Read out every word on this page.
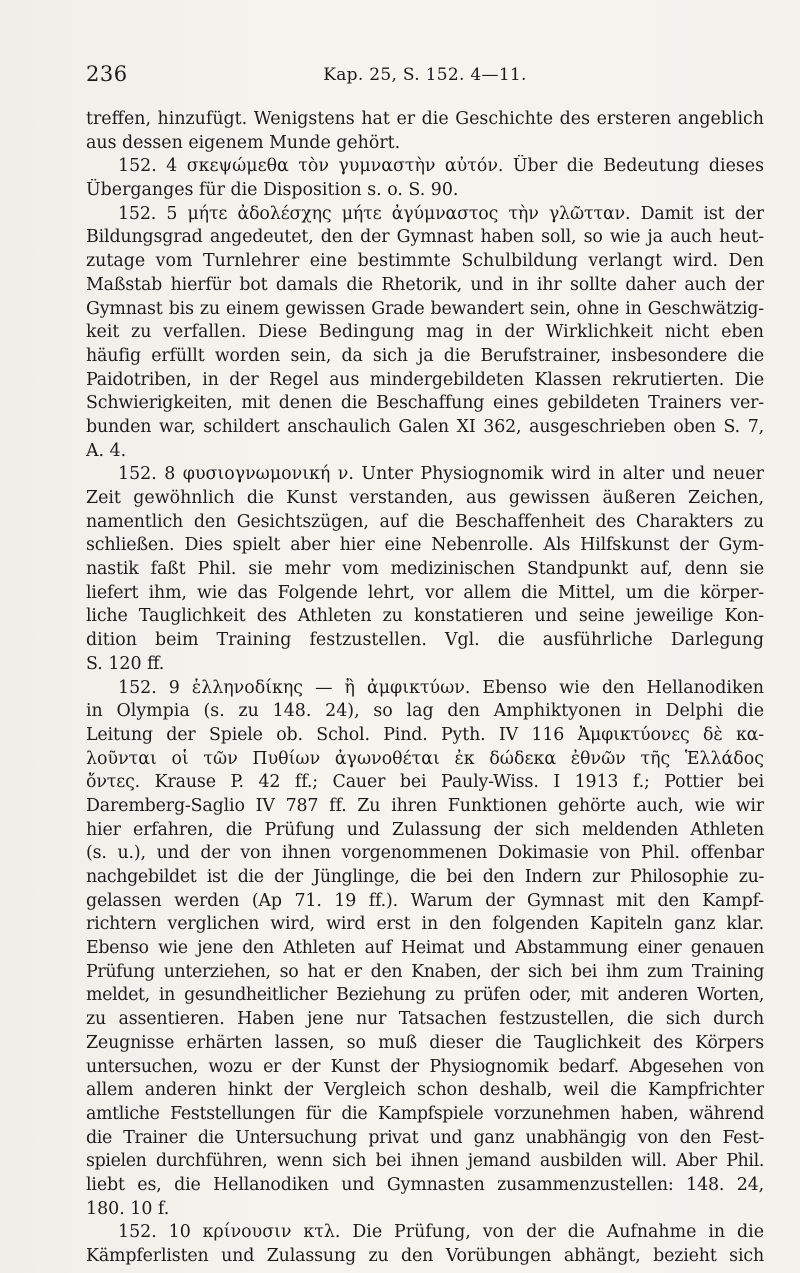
236	Kap. 25, S. 152. 4—11.
treffen, hinzufügt. Wenigstens hat er die Geschichte des ersteren angeblich
aus dessen eigenem Munde gehört.
152. 4 σκεψώμεθα τὸν γυμναστὴν αὐτόν. Über die Bedeutung dieses
Überganges für die Disposition s. o. S. 90.
152. 5 μήτε ἀδολέσχης μήτε ἀγύμναστος τὴν γλῶτταν. Damit ist der
Bildungsgrad angedeutet, den der Gymnast haben soll, so wie ja auch heut-
zutage vom Turnlehrer eine bestimmte Schulbildung verlangt wird. Den
Maßstab hierfür bot damals die Rhetorik, und in ihr sollte daher auch der
Gymnast bis zu einem gewissen Grade bewandert sein, ohne in Geschwätzig-
keit zu verfallen. Diese Bedingung mag in der Wirklichkeit nicht eben
häufig erfüllt worden sein, da sich ja die Berufstrainer, insbesondere die
Paidotriben, in der Regel aus mindergebildeten Klassen rekrutierten. Die
Schwierigkeiten, mit denen die Beschaffung eines gebildeten Trainers ver-
bunden war, schildert anschaulich Galen XI 362, ausgeschrieben oben S. 7,
A. 4.
152. 8 φυσιογνωμονική ν. Unter Physiognomik wird in alter und neuer
Zeit gewöhnlich die Kunst verstanden, aus gewissen äußeren Zeichen,
namentlich den Gesichtszügen, auf die Beschaffenheit des Charakters zu
schließen. Dies spielt aber hier eine Nebenrolle. Als Hilfskunst der Gym-
nastik faßt Phil. sie mehr vom medizinischen Standpunkt auf, denn sie
liefert ihm, wie das Folgende lehrt, vor allem die Mittel, um die körper-
liche Tauglichkeit des Athleten zu konstatieren und seine jeweilige Kon-
dition beim Training festzustellen. Vgl. die ausführliche Darlegung
S. 120 ff.
152. 9 ἑλληνοδίκης — ἢ ἀμφικτύων. Ebenso wie den Hellanodiken
in Olympia (s. zu 148. 24), so lag den Amphiktyonen in Delphi die
Leitung der Spiele ob. Schol. Pind. Pyth. IV 116 Ἀμφικτύονες δὲ κα-
λοῦνται οἱ τῶν Πυθίων ἀγωνοθέται ἐκ δώδεκα ἐθνῶν τῆς Ἑλλάδος
ὄντες. Krause P. 42 ff.; Cauer bei Pauly-Wiss. I 1913 f.; Pottier bei
Daremberg-Saglio IV 787 ff. Zu ihren Funktionen gehörte auch, wie wir
hier erfahren, die Prüfung und Zulassung der sich meldenden Athleten
(s. u.), und der von ihnen vorgenommenen Dokimasie von Phil. offenbar
nachgebildet ist die der Jünglinge, die bei den Indern zur Philosophie zu-
gelassen werden (Ap 71. 19 ff.). Warum der Gymnast mit den Kampf-
richtern verglichen wird, wird erst in den folgenden Kapiteln ganz klar.
Ebenso wie jene den Athleten auf Heimat und Abstammung einer genauen
Prüfung unterziehen, so hat er den Knaben, der sich bei ihm zum Training
meldet, in gesundheitlicher Beziehung zu prüfen oder, mit anderen Worten,
zu assentieren. Haben jene nur Tatsachen festzustellen, die sich durch
Zeugnisse erhärten lassen, so muß dieser die Tauglichkeit des Körpers
untersuchen, wozu er der Kunst der Physiognomik bedarf. Abgesehen von
allem anderen hinkt der Vergleich schon deshalb, weil die Kampfrichter
amtliche Feststellungen für die Kampfspiele vorzunehmen haben, während
die Trainer die Untersuchung privat und ganz unabhängig von den Fest-
spielen durchführen, wenn sich bei ihnen jemand ausbilden will. Aber Phil.
liebt es, die Hellanodiken und Gymnasten zusammenzustellen: 148. 24,
180. 10 f.
152. 10 κρίνουσιν κτλ. Die Prüfung, von der die Aufnahme in die
Kämpferlisten und Zulassung zu den Vorübungen abhängt, bezieht sich
